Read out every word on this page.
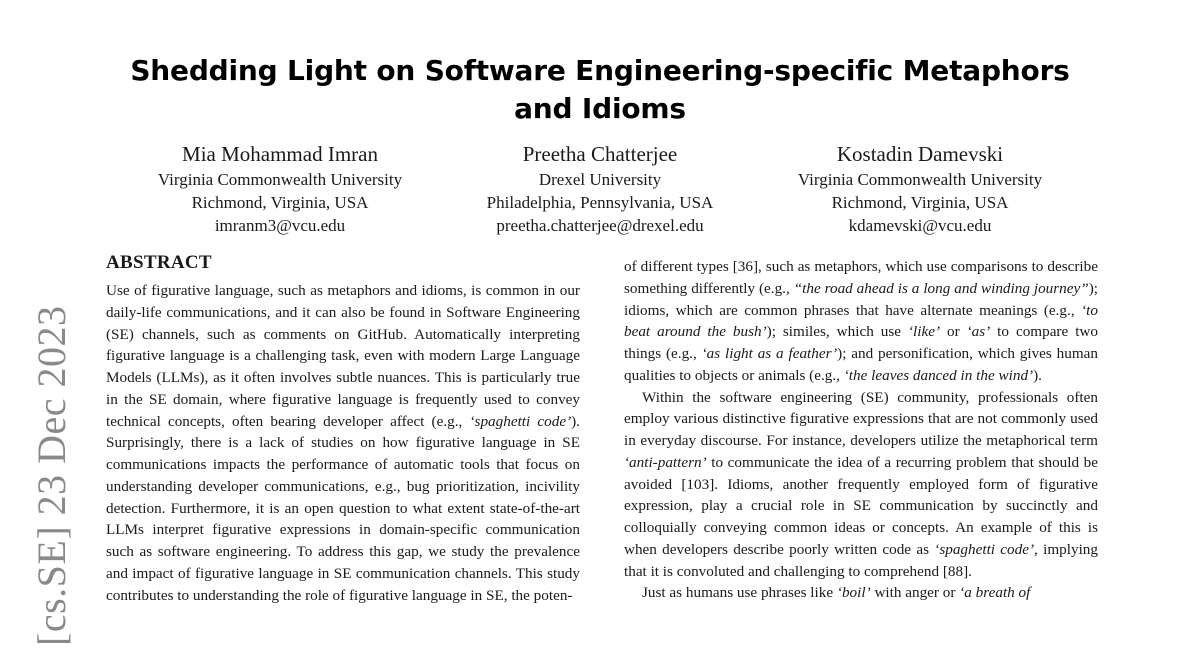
[cs.SE] 23 Dec 2023
Shedding Light on Software Engineering-specific Metaphors and Idioms
Mia Mohammad Imran
Virginia Commonwealth University
Richmond, Virginia, USA
imranm3@vcu.edu
Preetha Chatterjee
Drexel University
Philadelphia, Pennsylvania, USA
preetha.chatterjee@drexel.edu
Kostadin Damevski
Virginia Commonwealth University
Richmond, Virginia, USA
kdamevski@vcu.edu
ABSTRACT

Use of figurative language, such as metaphors and idioms, is common in our daily-life communications, and it can also be found in Software Engineering (SE) channels, such as comments on GitHub. Automatically interpreting figurative language is a challenging task, even with modern Large Language Models (LLMs), as it often involves subtle nuances. This is particularly true in the SE domain, where figurative language is frequently used to convey technical concepts, often bearing developer affect (e.g., ‘spaghetti code’). Surprisingly, there is a lack of studies on how figurative language in SE communications impacts the performance of automatic tools that focus on understanding developer communications, e.g., bug prioritization, incivility detection. Furthermore, it is an open question to what extent state-of-the-art LLMs interpret figurative expressions in domain-specific communication such as software engineering. To address this gap, we study the prevalence and impact of figurative language in SE communication channels. This study contributes to understanding the role of figurative language in SE, the poten-

of different types [36], such as metaphors, which use comparisons to describe something differently (e.g., “the road ahead is a long and winding journey”); idioms, which are common phrases that have alternate meanings (e.g., ‘to beat around the bush’); similes, which use ‘like’ or ‘as’ to compare two things (e.g., ‘as light as a feather’); and personification, which gives human qualities to objects or animals (e.g., ‘the leaves danced in the wind’).

Within the software engineering (SE) community, professionals often employ various distinctive figurative expressions that are not commonly used in everyday discourse. For instance, developers utilize the metaphorical term ‘anti-pattern’ to communicate the idea of a recurring problem that should be avoided [103]. Idioms, another frequently employed form of figurative expression, play a crucial role in SE communication by succinctly and colloquially conveying common ideas or concepts. An example of this is when developers describe poorly written code as ‘spaghetti code’, implying that it is convoluted and challenging to comprehend [88].

Just as humans use phrases like ‘boil’ with anger or ‘a breath of
